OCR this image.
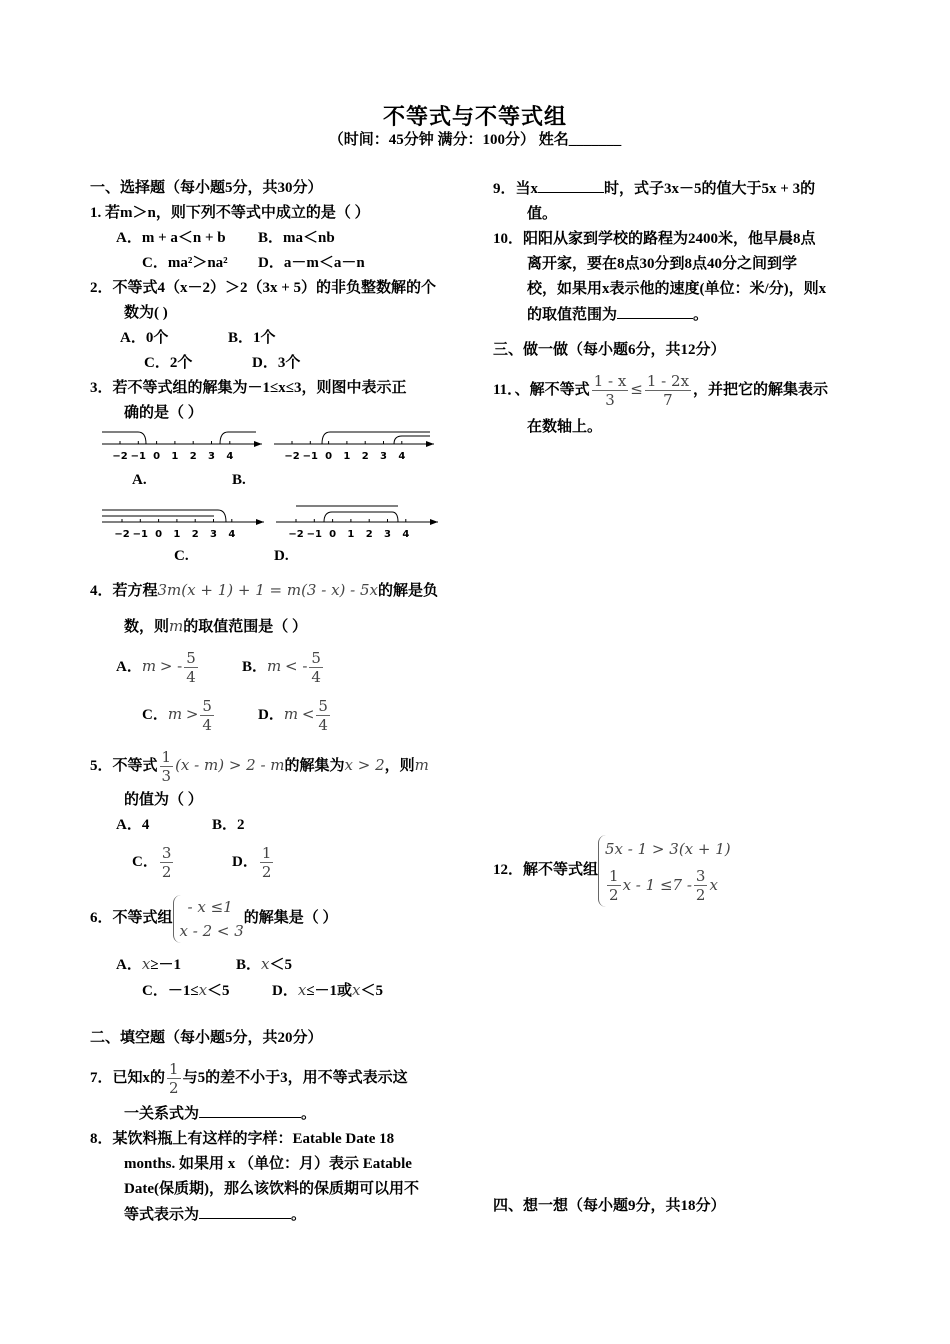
不等式与不等式组
（时间：45分钟 满分：100分） 姓名_______
一、选择题（每小题5分，共30分）
1. 若m＞n，则下列不等式中成立的是（ ）
A．m + a＜n + b B．ma＜nb
C．ma²＞na² D．a－m＜a－n
2．不等式4（x－2）＞2（3x + 5）的非负整数解的个
数为( )
A．0个	B．1个
C．2个	D．3个
3．若不等式组的解集为－1≤x≤3，则图中表示正
确的是（ ）
−2 −1 0 1 2 3 4	−2 −1 0 1 2 3 4
−2 −1 0 1 2 3 4	−2 −1 0 1 2 3 4
A.	B.
C.	D.
4．若方程3m(x + 1) + 1 = m(3 - x) - 5x的解是负
数，则m的取值范围是（ ）
A．m > - $\frac{5}{4}$	B．m < - $\frac{5}{4}$
C．$m > \frac{5}{4}$	D．$m < \frac{5}{4}$
5．不等式 $\frac{1}{3} (x - m) > 2 - m$的解集为x > 2，则m
的值为（ ）
A．4	B．2
C． $\frac{3}{2}$	D． $\frac{1}{2}$
6．不等式组
- x ≤1
x - 2 < 3
的解集是（ ）
A．x≥－1	B．x＜5
C．－1≤x＜5	D．x≤－1或x＜5
二、填空题（每小题5分，共20分）
7．已知x的 $\frac{1}{2}$ 与5的差不小于3，用不等式表示这
一关系式为	。
8．某饮料瓶上有这样的字样：Eatable Date 18
months. 如果用 x （单位：月）表示 Eatable
Date(保质期)，那么该饮料的保质期可以用不
等式表示为	。
9．当x	时，式子3x－5的值大于5x + 3的
值。
10．阳阳从家到学校的路程为2400米，他早晨8点
离开家，要在8点30分到8点40分之间到学
校，如果用x表示他的速度(单位：米/分)，则x
的取值范围为	。
三、做一做（每小题6分，共12分）
11．、解不等式 $\frac{1 - x}{3} \le \frac{1 - 2x}{7}$ ，并把它的解集表示
在数轴上。
12．解不等式组
5x - 1 > 3(x + 1)
$\frac{1}{2}$ $x - 1 \le 7 - \frac{3}{2}$ x
四、想一想（每小题9分，共18分）
